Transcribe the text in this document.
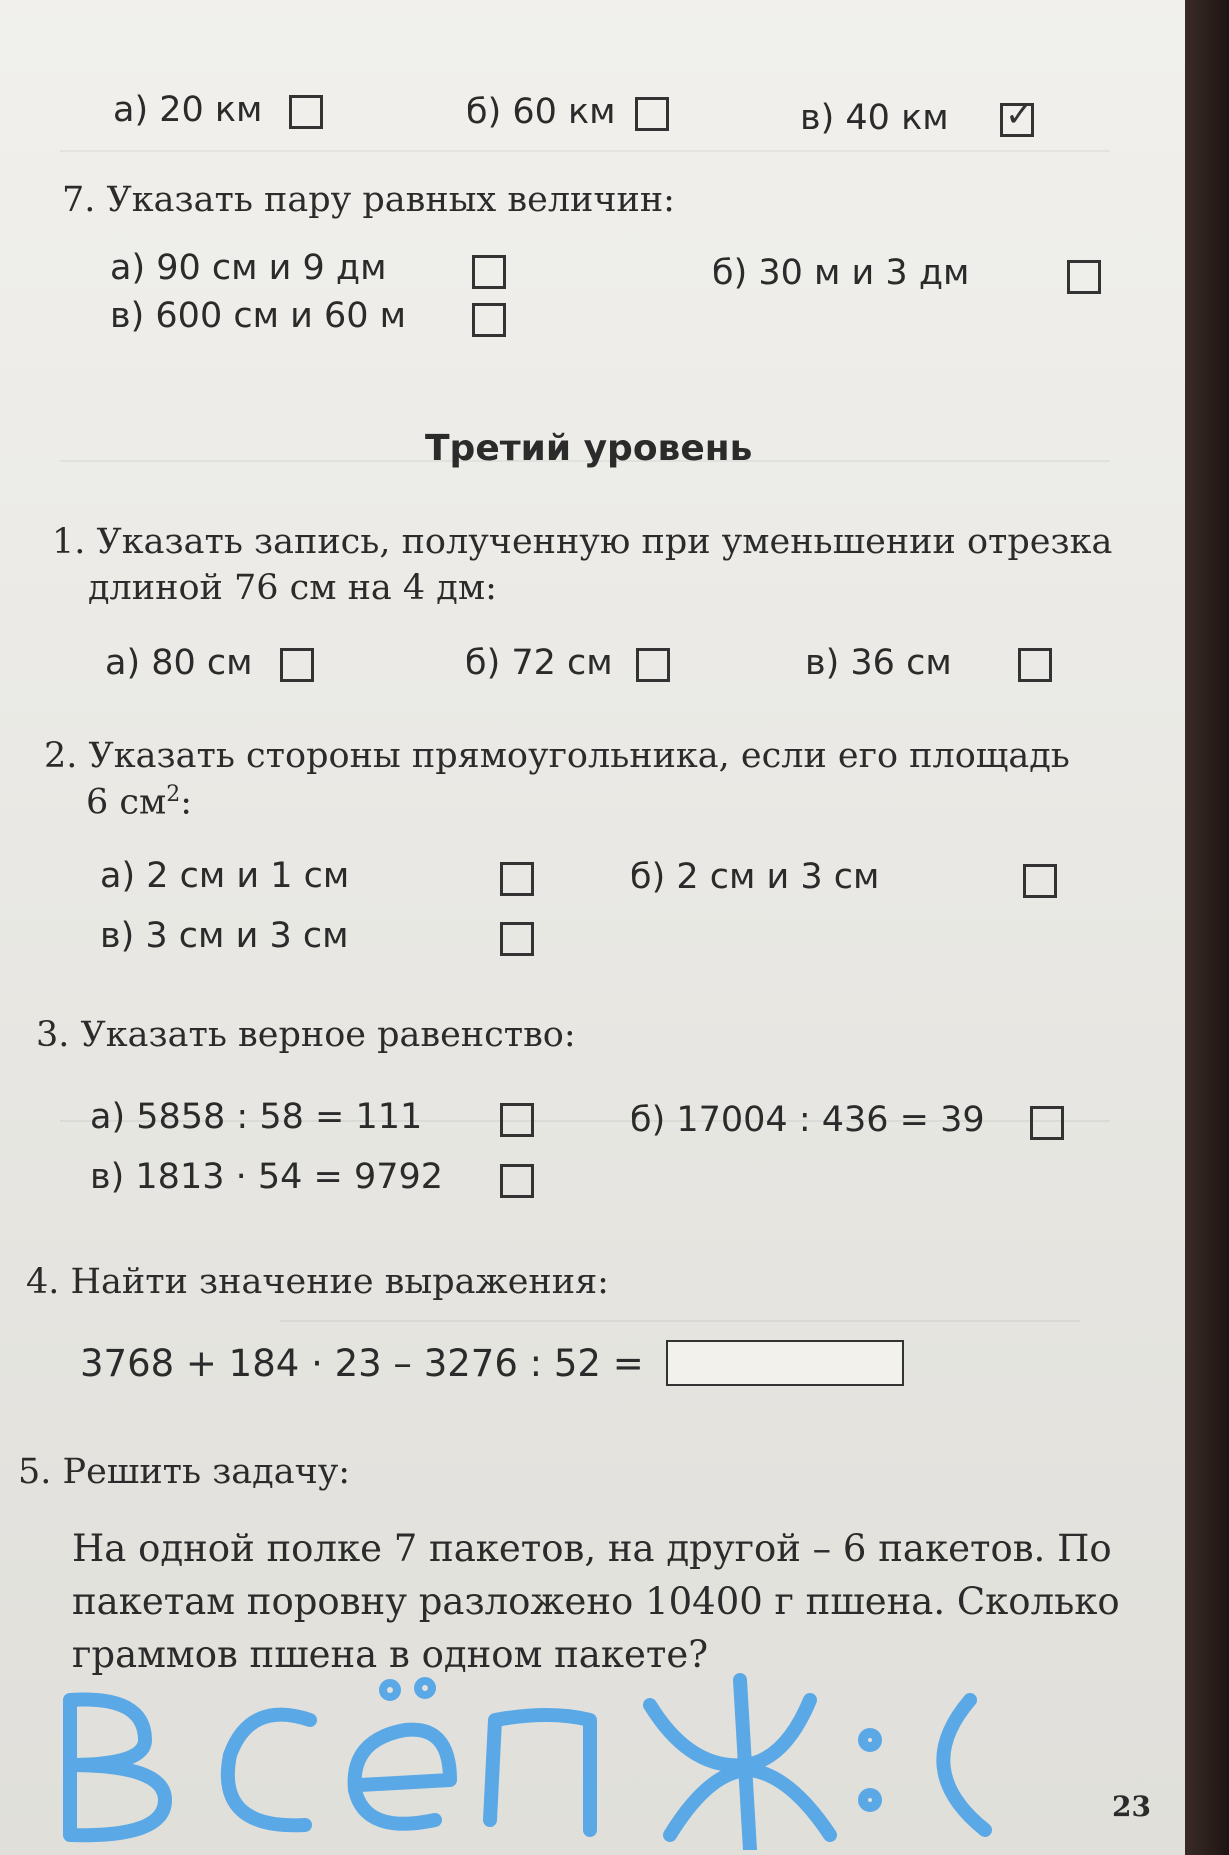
а) 20 км	б) 60 км	в) 40 км ✓
7. Указать пару равных величин:
а) 90 см и 9 дм	б) 30 м и 3 дм
в) 600 см и 60 м
Третий уровень
1. Указать запись, полученную при уменьшении отрезка
длиной 76 см на 4 дм:
а) 80 см	б) 72 см	в) 36 см
2. Указать стороны прямоугольника, если его площадь
6 $см^2$:
а) 2 см и 1 см	б) 2 см и 3 см
в) 3 см и 3 см
3. Указать верное равенство:
а) 5858 : 58 = 111	б) 17004 : 436 = 39
в) 1813 · 54 = 9792
4. Найти значение выражения:
3768 + 184 · 23 – 3276 : 52 =
5. Решить задачу:
На одной полке 7 пакетов, на другой – 6 пакетов. По
пакетам поровну разложено 10400 г пшена. Сколько
граммов пшена в одном пакете?
23
